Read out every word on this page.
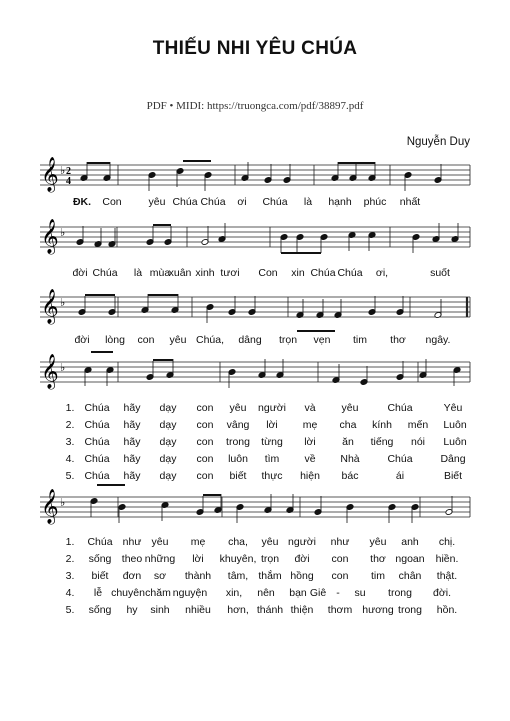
THIẾU NHI YÊU CHÚA
PDF • MIDI: https://truongca.com/pdf/38897.pdf
Nguyễn Duy
𝄞 ♭
𝄞 ♭
𝄞 ♭
𝄞 ♭
𝄞 ♭
2
4
Con	yêu Chúa Chúa ơi Chúa là hạnh phúc nhất
ĐK.
đời Chúa là mùa
xuân xinh tươi Con xin Chúa Chúa ơi,	suốt
đời lòng con yêu Chúa, dâng trọn vẹn tim thơ ngây.
1. Chúa hãy dạy con yêu người và yêu	Chúa	Yêu
2. Chúa hãy dạy con vâng lời mẹ cha kính mến Luôn
3. Chúa hãy dạy con trong từng lời	ăn tiếng nói Luôn
4. Chúa hãy dạy con luôn tìm về Nhà	Chúa	Dâng
5. Chúa hãy dạy con biết thực hiện bác	ái	Biết
1. Chúa như yêu mẹ cha, yêu người như yêu anh chị.
2. sống theo những lời khuyên, trọn đời con thơ ngoan hiền.
3. biết đơn sơ thành tâm, thắm hồng con tim chân thật.
4. lễ chuyên chăm nguyện xin, nên bạn Giê - su trong đời.
5. sống hy sinh nhiều hơn, thánh thiện thơm hương trong hồn.
